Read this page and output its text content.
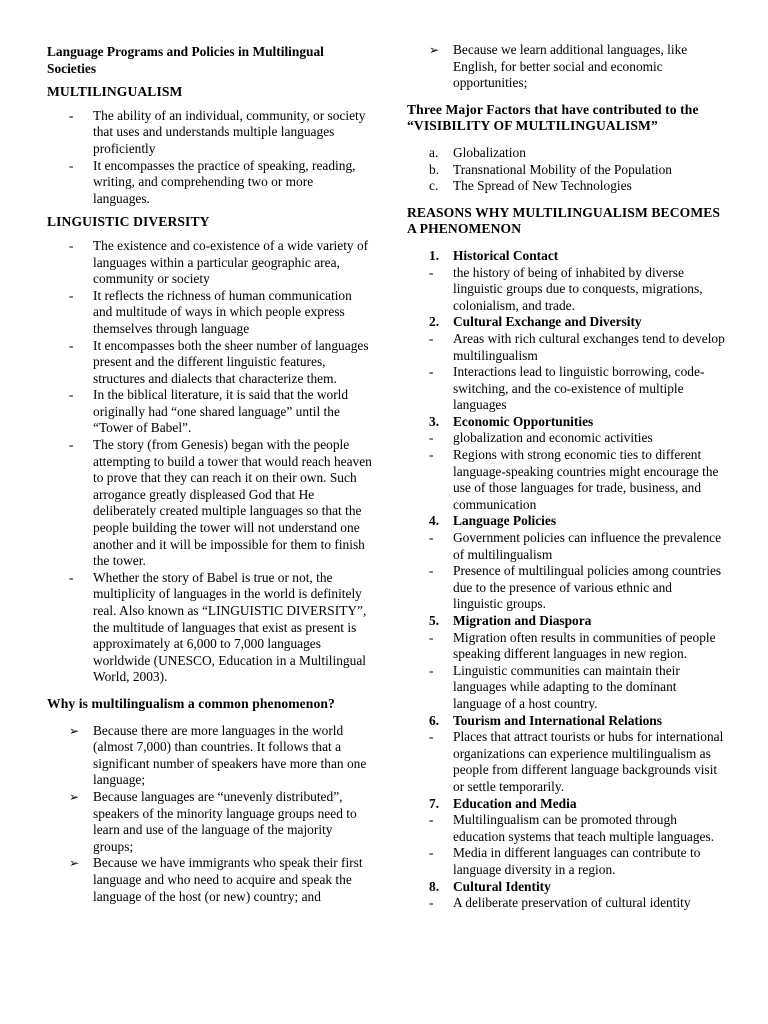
Language Programs and Policies in Multilingual Societies

MULTILINGUALISM
- The ability of an individual, community, or society that uses and understands multiple languages proficiently
- It encompasses the practice of speaking, reading, writing, and comprehending two or more languages.
LINGUISTIC DIVERSITY
- The existence and co-existence of a wide variety of languages within a particular geographic area, community or society
- It reflects the richness of human communication and multitude of ways in which people express themselves through language
- It encompasses both the sheer number of languages present and the different linguistic features, structures and dialects that characterize them.
- In the biblical literature, it is said that the world originally had “one shared language” until the “Tower of Babel”.
- The story (from Genesis) began with the people attempting to build a tower that would reach heaven to prove that they can reach it on their own. Such arrogance greatly displeased God that He deliberately created multiple languages so that the people building the tower will not understand one another and it will be impossible for them to finish the tower.
- Whether the story of Babel is true or not, the multiplicity of languages in the world is definitely real. Also known as “LINGUISTIC DIVERSITY”, the multitude of languages that exist as present is approximately at 6,000 to 7,000 languages worldwide (UNESCO, Education in a Multilingual World, 2003).
Why is multilingualism a common phenomenon?
➢ Because there are more languages in the world (almost 7,000) than countries. It follows that a significant number of speakers have more than one language;
➢ Because languages are “unevenly distributed”, speakers of the minority language groups need to learn and use of the language of the majority groups;
➢ Because we have immigrants who speak their first language and who need to acquire and speak the language of the host (or new) country; and
➢ Because we learn additional languages, like English, for better social and economic opportunities;
Three Major Factors that have contributed to the “VISIBILITY OF MULTILINGUALISM”
a. Globalization
b. Transnational Mobility of the Population
c. The Spread of New Technologies
REASONS WHY MULTILINGUALISM BECOMES A PHENOMENON
1. Historical Contact
- the history of being of inhabited by diverse linguistic groups due to conquests, migrations, colonialism, and trade.
2. Cultural Exchange and Diversity
- Areas with rich cultural exchanges tend to develop multilingualism
- Interactions lead to linguistic borrowing, code-switching, and the co-existence of multiple languages
3. Economic Opportunities
- globalization and economic activities
- Regions with strong economic ties to different language-speaking countries might encourage the use of those languages for trade, business, and communication
4. Language Policies
- Government policies can influence the prevalence of multilingualism
- Presence of multilingual policies among countries due to the presence of various ethnic and linguistic groups.
5. Migration and Diaspora
- Migration often results in communities of people speaking different languages in new region.
- Linguistic communities can maintain their languages while adapting to the dominant language of a host country.
6. Tourism and International Relations
- Places that attract tourists or hubs for international organizations can experience multilingualism as people from different language backgrounds visit or settle temporarily.
7. Education and Media
- Multilingualism can be promoted through education systems that teach multiple languages.
- Media in different languages can contribute to language diversity in a region.
8. Cultural Identity
- A deliberate preservation of cultural identity
